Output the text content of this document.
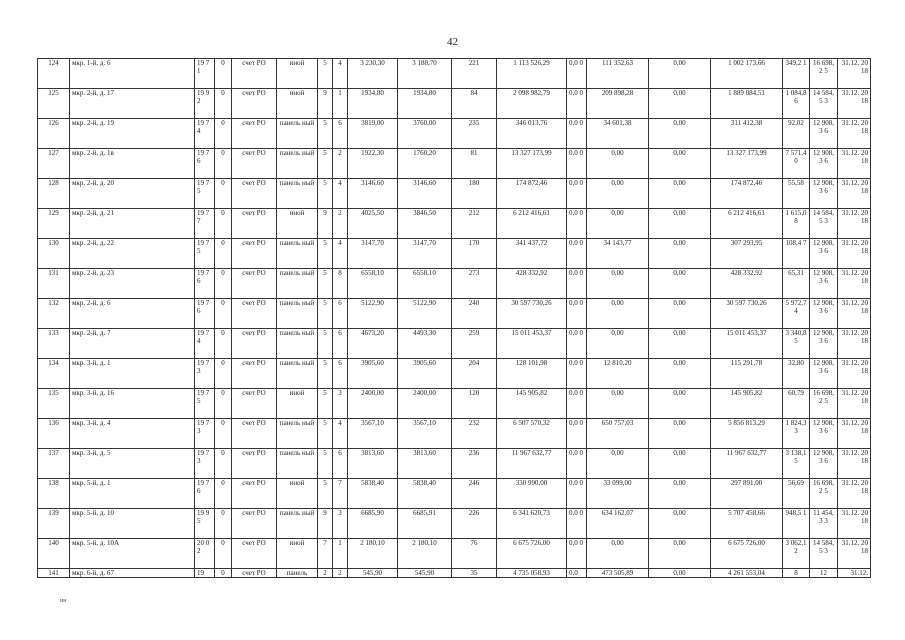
42
124	мкр. 1-й, д. 6	19 71	0	счет РО	иной	5	4	3 230,30	3 188,70	221	1 113 526,29	0,0 0	111 352,63	0,00	1 002 173,66	349,2 1	16 698,2 5	31.12. 2018
125	мкр. 2-й, д. 17	19 92	0	счет РО	иной	9	1	1934,80	1934,80	84	2 098 982,79	0,0 0	209 898,28	0,00	1 889 084,51	1 084,8 6	14 584,5 3	31.12. 2018
126	мкр. 2-й, д. 19	19 74	0	счет РО	панель ный	5	6	3819,00	3760,00	235	346 013,76	0,0 0	34 601,38	0,00	311 412,38	92,02	12 908,3 6	31.12. 2018
127	мкр. 2-й, д. 1в	19 76	0	счет РО	панель ный	5	2	1922,30	1760,20	81	13 327 173,99	0,0 0	0,00	0,00	13 327 173,99	7 571,4 0	12 908,3 6	31.12. 2018
128	мкр. 2-й, д. 20	19 75	0	счет РО	панель ный	5	4	3146,60	3146,60	180	174 872,46	0,0 0	0,00	0,00	174 872,46	55,58	12 908,3 6	31.12. 2018
129	мкр. 2-й, д. 21	19 77	0	счет РО	иной	9	2	4025,50	3846,50	212	6 212 416,61	0,0 0	0,00	0,00	6 212 416,61	1 615,0 8	14 584,5 3	31.12. 2018
130	мкр. 2-й, д. 22	19 75	0	счет РО	панель ный	5	4	3147,70	3147,70	170	341 437,72	0,0 0	34 143,77	0,00	307 293,95	108,4 7	12 908,3 6	31.12. 2018
131	мкр. 2-й, д. 23	19 76	0	счет РО	панель ный	5	8	6558,10	6558,10	273	428 332,92	0,0 0	0,00	0,00	428 332,92	65,31	12 908,3 6	31.12. 2018
132	мкр. 2-й, д. 6	19 76	0	счет РО	панель ный	5	6	5122,90	5122,90	240	30 597 730,26	0,0 0	0,00	0,00	30 597 730,26	5 972,7 4	12 908,3 6	31.12. 2018
133	мкр. 2-й, д. 7	19 74	0	счет РО	панель ный	5	6	4673,20	4493,30	259	15 011 453,37	0,0 0	0,00	0,00	15 011 453,37	3 340,8 5	12 908,3 6	31.12. 2018
134	мкр. 3-й, д. 1	19 73	0	счет РО	панель ный	5	6	3905,60	3905,60	204	128 101,98	0,0 0	12 810,20	0,00	115 291,78	32,80	12 908,3 6	31.12. 2018
135	мкр. 3-й, д. 16	19 75	0	счет РО	иной	5	3	2400,00	2400,00	120	145 905,82	0,0 0	0,00	0,00	145 905,82	60,79	16 698,2 5	31.12. 2018
136	мкр. 3-й, д. 4	19 73	0	счет РО	панель ный	5	4	3567,10	3567,10	232	6 507 570,32	0,0 0	650 757,03	0,00	5 856 813,29	1 824,3 3	12 908,3 6	31.12. 2018
137	мкр. 3-й, д. 5	19 73	0	счет РО	панель ный	5	6	3813,60	3813,60	236	11 967 632,77	0,0 0	0,00	0,00	11 967 632,77	3 138,1 5	12 908,3 6	31.12. 2018
138	мкр. 5-й, д. 1	19 76	0	счет РО	иной	5	7	5838,40	5838,40	246	330 990,00	0,0 0	33 099,00	0,00	297 891,00	56,69	16 698,2 5	31.12. 2018
139	мкр. 5-й, д. 10	19 95	0	счет РО	панель ный	9	3	6685,90	6685,91	226	6 341 620,73	0,0 0	634 162,07	0,00	5 707 458,66	948,5 1	11 454,3 3	31.12. 2018
140	мкр. 5-й, д. 10А	20 02	0	счет РО	иной	7	1	2 180,10	2 180,10	76	6 675 726,00	0,0 0	0,00	0,00	6 675 726,00	3 062,1 2	14 584,5 3	31.12. 2018
141	мкр. 6-й, д. 67	19	0	счет РО	панель	2	2	545,90	545,90	35	4 735 058,93	0,0	473 505,89	0,00	4 261 553,04	8	12	31.12.
нн
